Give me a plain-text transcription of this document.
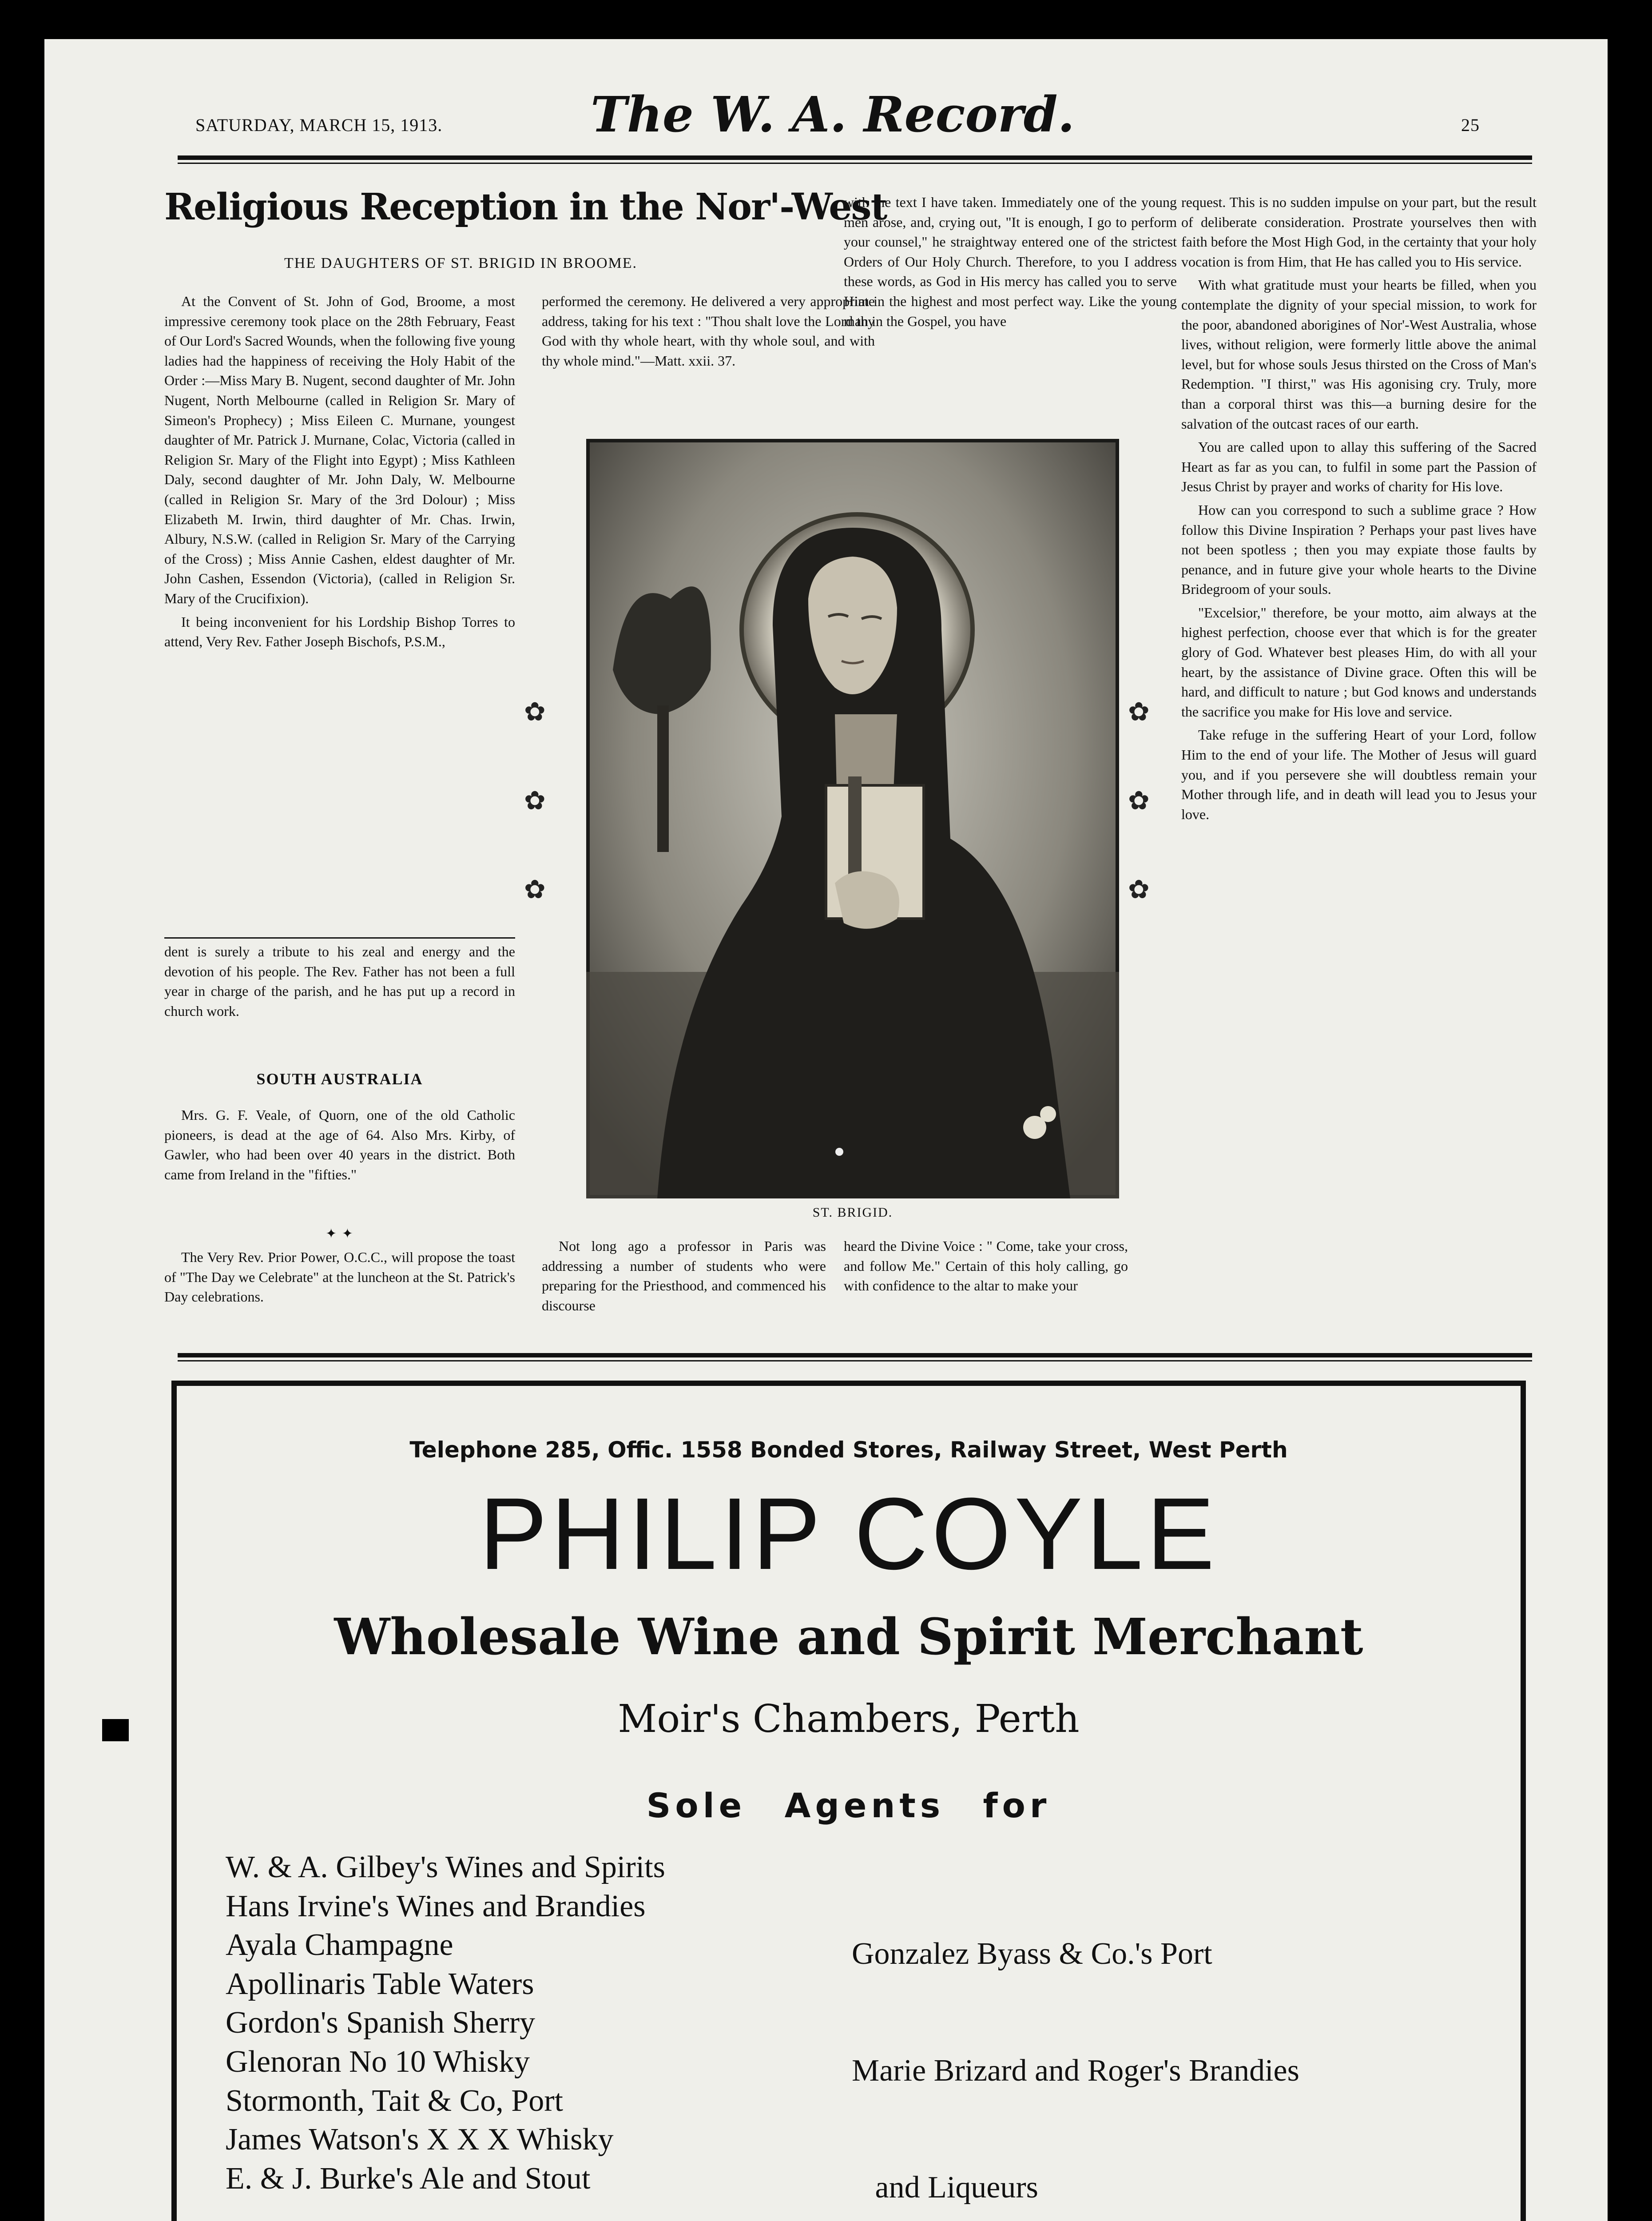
SATURDAY, MARCH 15, 1913.	The W. A. Record.	25
Religious Reception in the Nor'-West
THE DAUGHTERS OF ST. BRIGID IN BROOME.

At the Convent of St. John of God, Broome, a most impressive ceremony took place on the 28th February, Feast of Our Lord's Sacred Wounds, when the following five young ladies had the happiness of receiving the Holy Habit of the Order :—Miss Mary B. Nugent, second daughter of Mr. John Nugent, North Melbourne (called in Religion Sr. Mary of Simeon's Prophecy) ; Miss Eileen C. Murnane, youngest daughter of Mr. Patrick J. Murnane, Colac, Victoria (called in Religion Sr. Mary of the Flight into Egypt) ; Miss Kathleen Daly, second daughter of Mr. John Daly, W. Melbourne (called in Religion Sr. Mary of the 3rd Dolour) ; Miss Elizabeth M. Irwin, third daughter of Mr. Chas. Irwin, Albury, N.S.W. (called in Religion Sr. Mary of the Carrying of the Cross) ; Miss Annie Cashen, eldest daughter of Mr. John Cashen, Essendon (Victoria), (called in Religion Sr. Mary of the Crucifixion).

It being inconvenient for his Lordship Bishop Torres to attend, Very Rev. Father Joseph Bischofs, P.S.M.,

dent is surely a tribute to his zeal and energy and the devotion of his people. The Rev. Father has not been a full year in charge of the parish, and he has put up a record in church work.

SOUTH AUSTRALIA

Mrs. G. F. Veale, of Quorn, one of the old Catholic pioneers, is dead at the age of 64. Also Mrs. Kirby, of Gawler, who had been over 40 years in the district. Both came from Ireland in the "fifties."

✦ ✦

The Very Rev. Prior Power, O.C.C., will propose the toast of "The Day we Celebrate" at the luncheon at the St. Patrick's Day celebrations.

performed the ceremony. He delivered a very appropriate address, taking for his text : "Thou shalt love the Lord thy God with thy whole heart, with thy whole soul, and with thy whole mind."—Matt. xxii. 37.

with the text I have taken. Immediately one of the young men arose, and, crying out, "It is enough, I go to perform your counsel," he straightway entered one of the strictest Orders of Our Holy Church. Therefore, to you I address these words, as God in His mercy has called you to serve Him in the highest and most perfect way. Like the young man in the Gospel, you have

ST. BRIGID.
✿
✿
✿
✿
✿
✿

Not long ago a professor in Paris was addressing a number of students who were preparing for the Priesthood, and commenced his discourse

heard the Divine Voice : " Come, take your cross, and follow Me." Certain of this holy calling, go with confidence to the altar to make your

request. This is no sudden impulse on your part, but the result of deliberate consideration. Prostrate yourselves then with faith before the Most High God, in the certainty that your holy vocation is from Him, that He has called you to His service.

With what gratitude must your hearts be filled, when you contemplate the dignity of your special mission, to work for the poor, abandoned aborigines of Nor'-West Australia, whose lives, without religion, were formerly little above the animal level, but for whose souls Jesus thirsted on the Cross of Man's Redemption. "I thirst," was His agonising cry. Truly, more than a corporal thirst was this—a burning desire for the salvation of the outcast races of our earth.

You are called upon to allay this suffering of the Sacred Heart as far as you can, to fulfil in some part the Passion of Jesus Christ by prayer and works of charity for His love.

How can you correspond to such a sublime grace ? How follow this Divine Inspiration ? Perhaps your past lives have not been spotless ; then you may expiate those faults by penance, and in future give your whole hearts to the Divine Bridegroom of your souls.

"Excelsior," therefore, be your motto, aim always at the highest perfection, choose ever that which is for the greater glory of God. Whatever best pleases Him, do with all your heart, by the assistance of Divine grace. Often this will be hard, and difficult to nature ; but God knows and understands the sacrifice you make for His love and service.

Take refuge in the suffering Heart of your Lord, follow Him to the end of your life. The Mother of Jesus will guard you, and if you persevere she will doubtless remain your Mother through life, and in death will lead you to Jesus your love.

Telephone 285, Offic. 1558 Bonded Stores, Railway Street, West Perth
PHILIP COYLE
Wholesale Wine and Spirit Merchant
Moir's Chambers, Perth
Sole Agents for
W. & A. Gilbey's Wines and Spirits
Hans Irvine's Wines and Brandies
Ayala Champagne
Apollinaris Table Waters
Gordon's Spanish Sherry
Glenoran No 10 Whisky
Stormonth, Tait & Co, Port
James Watson's X X X Whisky
E. & J. Burke's Ale and Stout

Gonzalez Byass & Co.'s Port

Marie Brizard and Roger's Brandies

and Liqueurs
